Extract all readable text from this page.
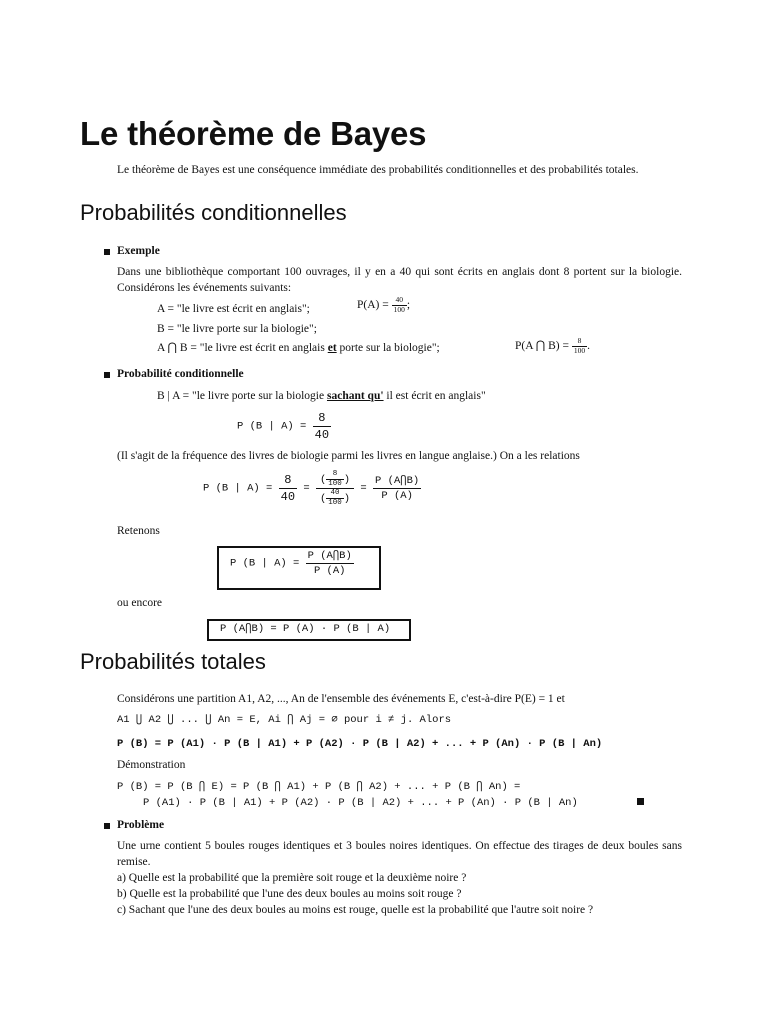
Le théorème de Bayes
Le théorème de Bayes est une conséquence immédiate des probabilités conditionnelles et des probabilités totales.
Probabilités conditionnelles
Exemple
Dans une bibliothèque comportant 100 ouvrages, il y en a 40 qui sont écrits en anglais dont 8 portent sur la biologie. Considérons les événements suivants:
A = "le livre est écrit en anglais";	$P(A) = \frac{40}{100}$ ;
B = "le livre porte sur la biologie";
A ⋂ B = "le livre est écrit en anglais et porte sur la biologie";	P(A ⋂ $B) = \frac{8}{100}$ .
Probabilité conditionnelle
B | A = "le livre porte sur la biologie sachant qu' il est écrit en anglais"
P (B | $A) = \frac{8}{40}$
(Il s'agit de la fréquence des livres de biologie parmi les livres en langue anglaise.) On a les relations
P (B | $A) = \frac{8}{40} = \frac{( \frac{8}{100} )}{( \frac{40}{100} )} = \frac{P (A⋂B)}{P (A)}$
Retenons
P (B | $A) = \frac{P (A⋂B)}{P (A)}$
ou encore
P (A⋂B) = P (A) · P (B | A)
Probabilités totales
Considérons une partition A1, A2, ..., An de l'ensemble des événements E, c'est-à-dire P(E) = 1 et
A1 ⋃ A2 ⋃ ... ⋃ An = E, Ai ⋂ Aj = ∅ pour i ≠ j. Alors
P (B) = P (A1) · P (B | A1) + P (A2) · P (B | A2) + ... + P (An) · P (B | An)
Démonstration
P (B) = P (B ⋂ E) = P (B ⋂ A1) + P (B ⋂ A2) + ... + P (B ⋂ An) =
P (A1) · P (B | A1) + P (A2) · P (B | A2) + ... + P (An) · P (B | An)
Problème
Une urne contient 5 boules rouges identiques et 3 boules noires identiques. On effectue des tirages de deux boules sans remise.
a) Quelle est la probabilité que la première soit rouge et la deuxième noire ?
b) Quelle est la probabilité que l'une des deux boules au moins soit rouge ?
c) Sachant que l'une des deux boules au moins est rouge, quelle est la probabilité que l'autre soit noire ?
